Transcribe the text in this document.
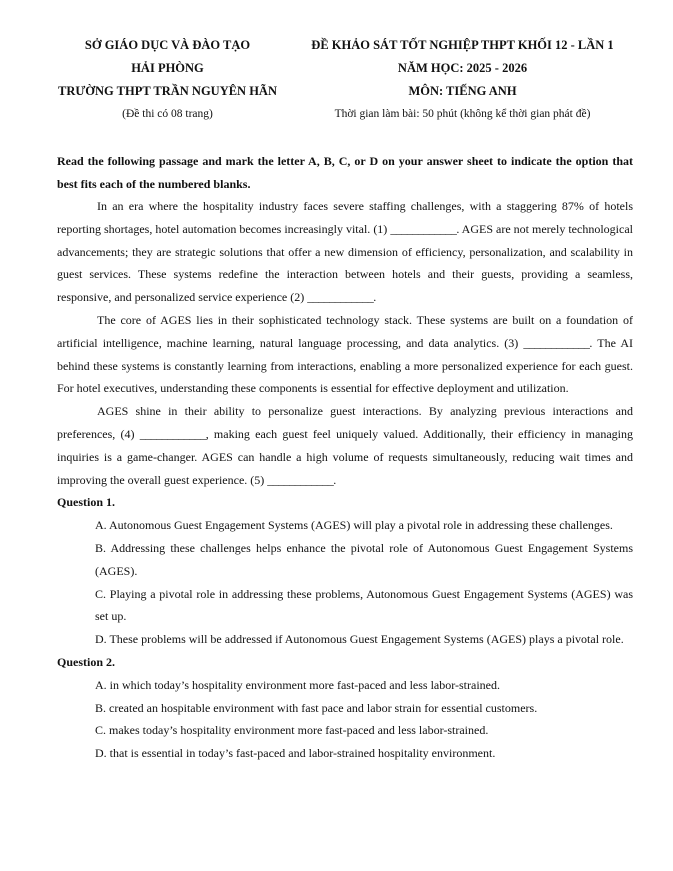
SỞ GIÁO DỤC VÀ ĐÀO TẠO
HẢI PHÒNG
TRƯỜNG THPT TRẦN NGUYÊN HÃN
(Đề thi có 08 trang)
ĐỀ KHẢO SÁT TỐT NGHIỆP THPT KHỐI 12 - LẦN 1
NĂM HỌC: 2025 - 2026
MÔN: TIẾNG ANH
Thời gian làm bài: 50 phút (không kể thời gian phát đề)

Read the following passage and mark the letter A, B, C, or D on your answer sheet to indicate the option that best fits each of the numbered blanks.

In an era where the hospitality industry faces severe staffing challenges, with a staggering 87% of hotels reporting shortages, hotel automation becomes increasingly vital. (1) ____________. AGES are not merely technological advancements; they are strategic solutions that offer a new dimension of efficiency, personalization, and scalability in guest services. These systems redefine the interaction between hotels and their guests, providing a seamless, responsive, and personalized service experience (2) ____________.

The core of AGES lies in their sophisticated technology stack. These systems are built on a foundation of artificial intelligence, machine learning, natural language processing, and data analytics. (3) ____________. The AI behind these systems is constantly learning from interactions, enabling a more personalized experience for each guest. For hotel executives, understanding these components is essential for effective deployment and utilization.

AGES shine in their ability to personalize guest interactions. By analyzing previous interactions and preferences, (4) ____________, making each guest feel uniquely valued. Additionally, their efficiency in managing inquiries is a game-changer. AGES can handle a high volume of requests simultaneously, reducing wait times and improving the overall guest experience. (5) ____________.

Question 1.

A. Autonomous Guest Engagement Systems (AGES) will play a pivotal role in addressing these challenges.

B. Addressing these challenges helps enhance the pivotal role of Autonomous Guest Engagement Systems (AGES).

C. Playing a pivotal role in addressing these problems, Autonomous Guest Engagement Systems (AGES) was set up.

D. These problems will be addressed if Autonomous Guest Engagement Systems (AGES) plays a pivotal role.

Question 2.

A. in which today’s hospitality environment more fast-paced and less labor-strained.

B. created an hospitable environment with fast pace and labor strain for essential customers.

C. makes today’s hospitality environment more fast-paced and less labor-strained.

D. that is essential in today’s fast-paced and labor-strained hospitality environment.
